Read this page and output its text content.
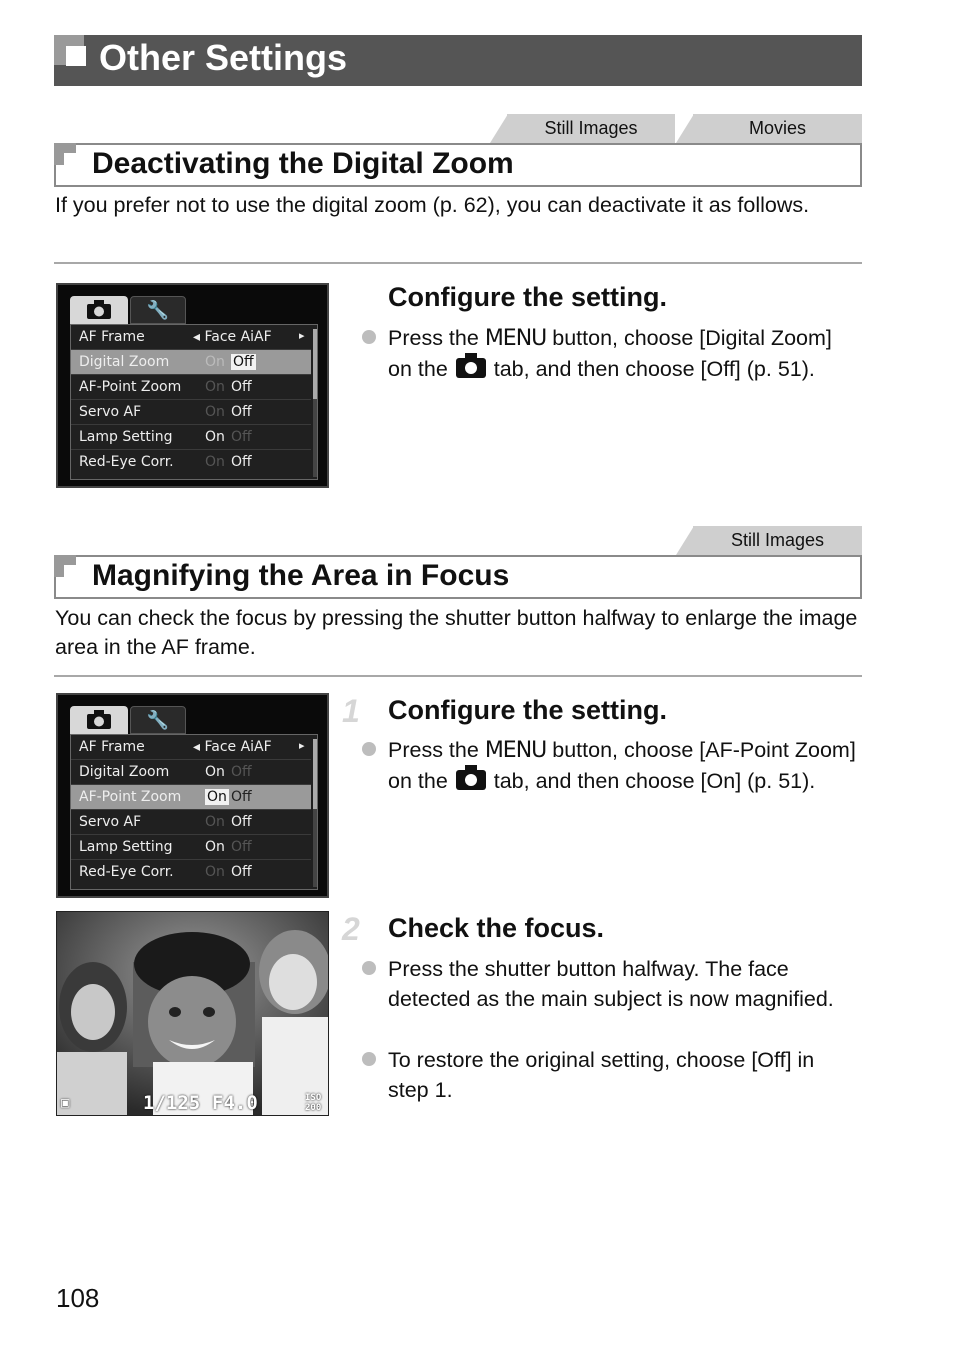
Other Settings
Still Images	Movies
Deactivating the Digital Zoom
If you prefer not to use the digital zoom (p. 62), you can deactivate it as follows.
🔧
AF Frame	◂ Face AiAF ▸
Digital Zoom	On Off
AF-Point Zoom On Off
Servo AF	On Off
Lamp Setting On Off
Red-Eye Corr. On Off
Configure the setting.
Press the MENU button, choose [Digital Zoom] on the tab, and then choose [Off] (p. 51).
Still Images
Magnifying the Area in Focus
You can check the focus by pressing the shutter button halfway to enlarge the image area in the AF frame.
🔧
AF Frame	◂ Face AiAF ▸
Digital Zoom	On Off
AF-Point Zoom On Off
Servo AF	On Off
Lamp Setting On Off
Red-Eye Corr. On Off
1 Configure the setting.
Press the MENU button, choose [AF-Point Zoom] on the tab, and then choose [On] (p. 51).
▣	1/125 F4.0	ISO
200
2 Check the focus.
Press the shutter button halfway. The face detected as the main subject is now magnified.
To restore the original setting, choose [Off] in step 1.
108
